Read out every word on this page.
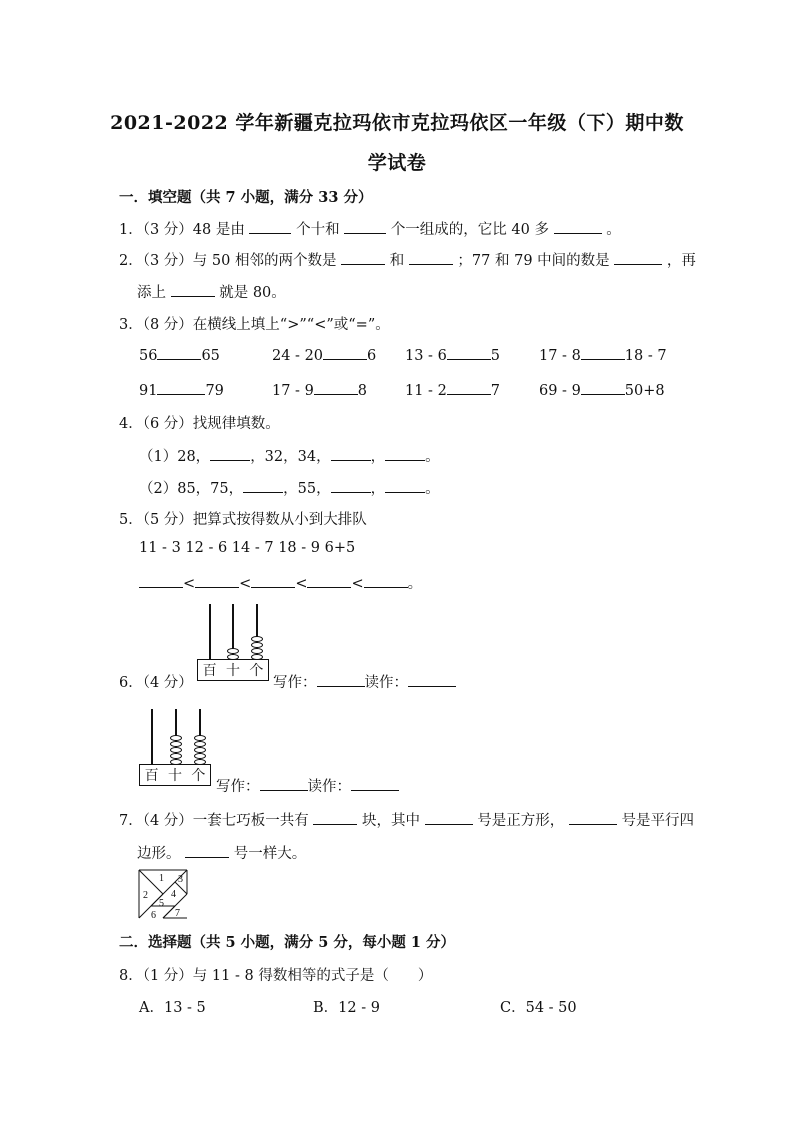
2021-2022 学年新疆克拉玛依市克拉玛依区一年级（下）期中数
学试卷
一．填空题（共 7 小题，满分 33 分）
1．（3 分）48 是由	个十和	个一组成的，它比 40 多	。
2．（3 分）与 50 相邻的两个数是	和	；77 和 79 中间的数是	，再
添上	就是 80。
3．（8 分）在横线上填上“>”“<”或“=”。
56	65	24 - 20	6 13 - 6	5	17 - 8	18 - 7
91	79	17 - 9	8	11 - 2	7	69 - 9	50+8
4．（6 分）找规律填数。
（1）28，	，32，34，	，	。
（2）85，75，	，55，	，	。
5．（5 分）把算式按得数从小到大排队
11 - 3 12 - 6 14 - 7 18 - 9 6+5
<	<	<	<	。
6．（4 分）
百 十 个
写作：	读作：
百 十 个
写作：	读作：
7．（4 分）一套七巧板一共有	块，其中	号是正方形，	号是平行四
边形。	号一样大。
1
2
3
4
5
6 7
二．选择题（共 5 小题，满分 5 分，每小题 1 分）
8．（1 分）与 11 - 8 得数相等的式子是（　　）
A．13 - 5	B．12 - 9	C．54 - 50
